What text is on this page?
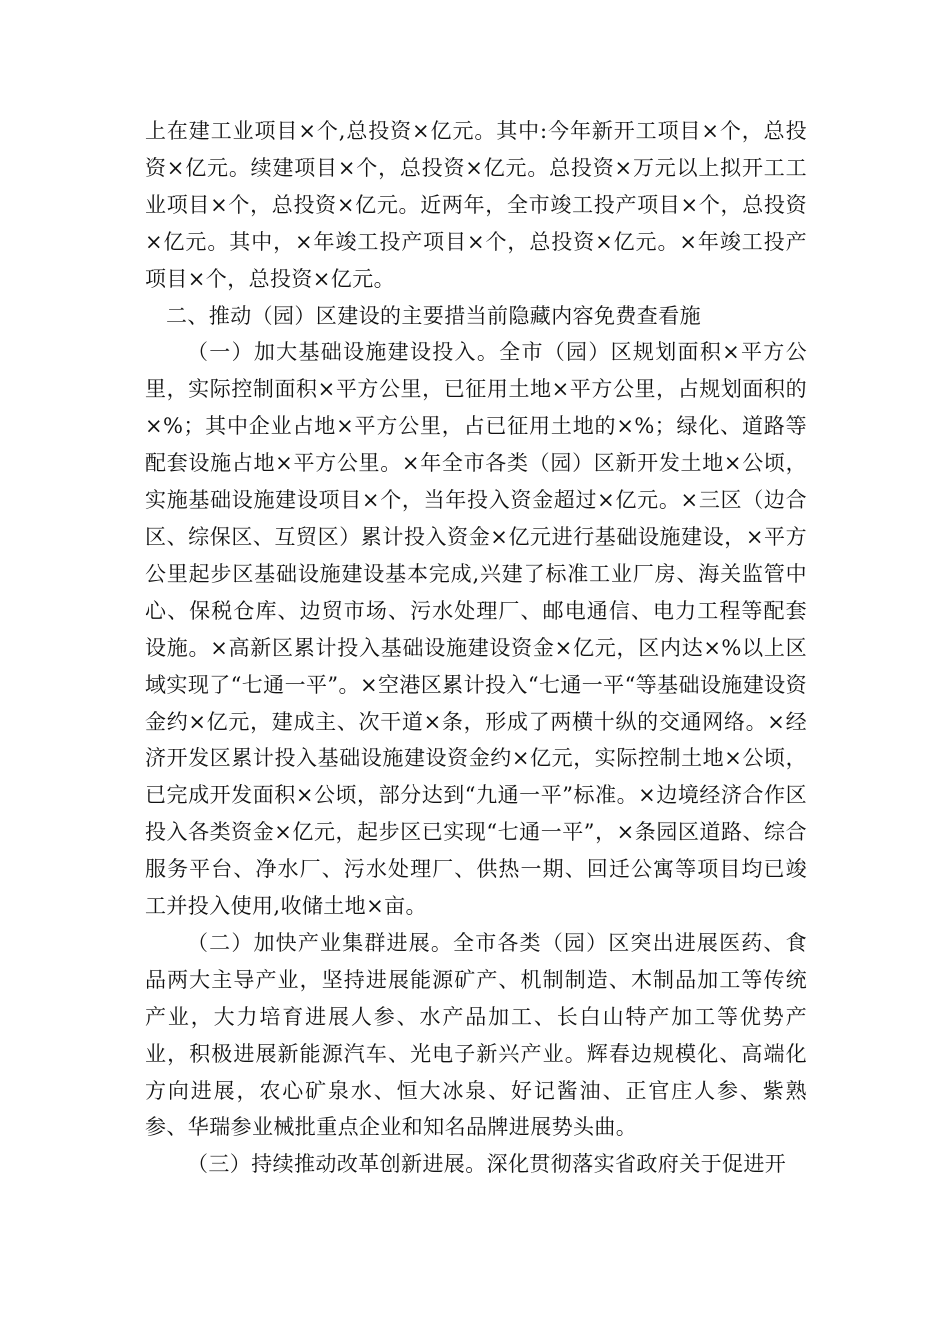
上在建工业项目×个,总投资×亿元。其中:今年新开工项目×个，总投资×亿元。续建项目×个，总投资×亿元。总投资×万元以上拟开工工业项目×个，总投资×亿元。近两年，全市竣工投产项目×个，总投资×亿元。其中，×年竣工投产项目×个，总投资×亿元。×年竣工投产项目×个，总投资×亿元。

二、推动（园）区建设的主要措当前隐藏内容免费查看施

（一）加大基础设施建设投入。全市（园）区规划面积×平方公里，实际控制面积×平方公里，已征用土地×平方公里，占规划面积的×%；其中企业占地×平方公里，占已征用土地的×%；绿化、道路等配套设施占地×平方公里。×年全市各类（园）区新开发土地×公顷，实施基础设施建设项目×个，当年投入资金超过×亿元。×三区（边合区、综保区、互贸区）累计投入资金×亿元进行基础设施建设，×平方公里起步区基础设施建设基本完成,兴建了标准工业厂房、海关监管中心、保税仓库、边贸市场、污水处理厂、邮电通信、电力工程等配套设施。×高新区累计投入基础设施建设资金×亿元，区内达×%以上区域实现了“七通一平”。×空港区累计投入“七通一平“等基础设施建设资金约×亿元，建成主、次干道×条，形成了两横十纵的交通网络。×经济开发区累计投入基础设施建设资金约×亿元，实际控制土地×公顷，已完成开发面积×公顷，部分达到“九通一平”标准。×边境经济合作区投入各类资金×亿元，起步区已实现“七通一平”，×条园区道路、综合服务平台、净水厂、污水处理厂、供热一期、回迁公寓等项目均已竣工并投入使用,收储土地×亩。

（二）加快产业集群进展。全市各类（园）区突出进展医药、食品两大主导产业，坚持进展能源矿产、机制制造、木制品加工等传统产业，大力培育进展人参、水产品加工、长白山特产加工等优势产业，积极进展新能源汽车、光电子新兴产业。辉春边规模化、高端化方向进展，农心矿泉水、恒大冰泉、好记酱油、正官庄人参、紫熟参、华瑞参业械批重点企业和知名品牌进展势头曲。

（三）持续推动改革创新进展。深化贯彻落实省政府关于促进开
